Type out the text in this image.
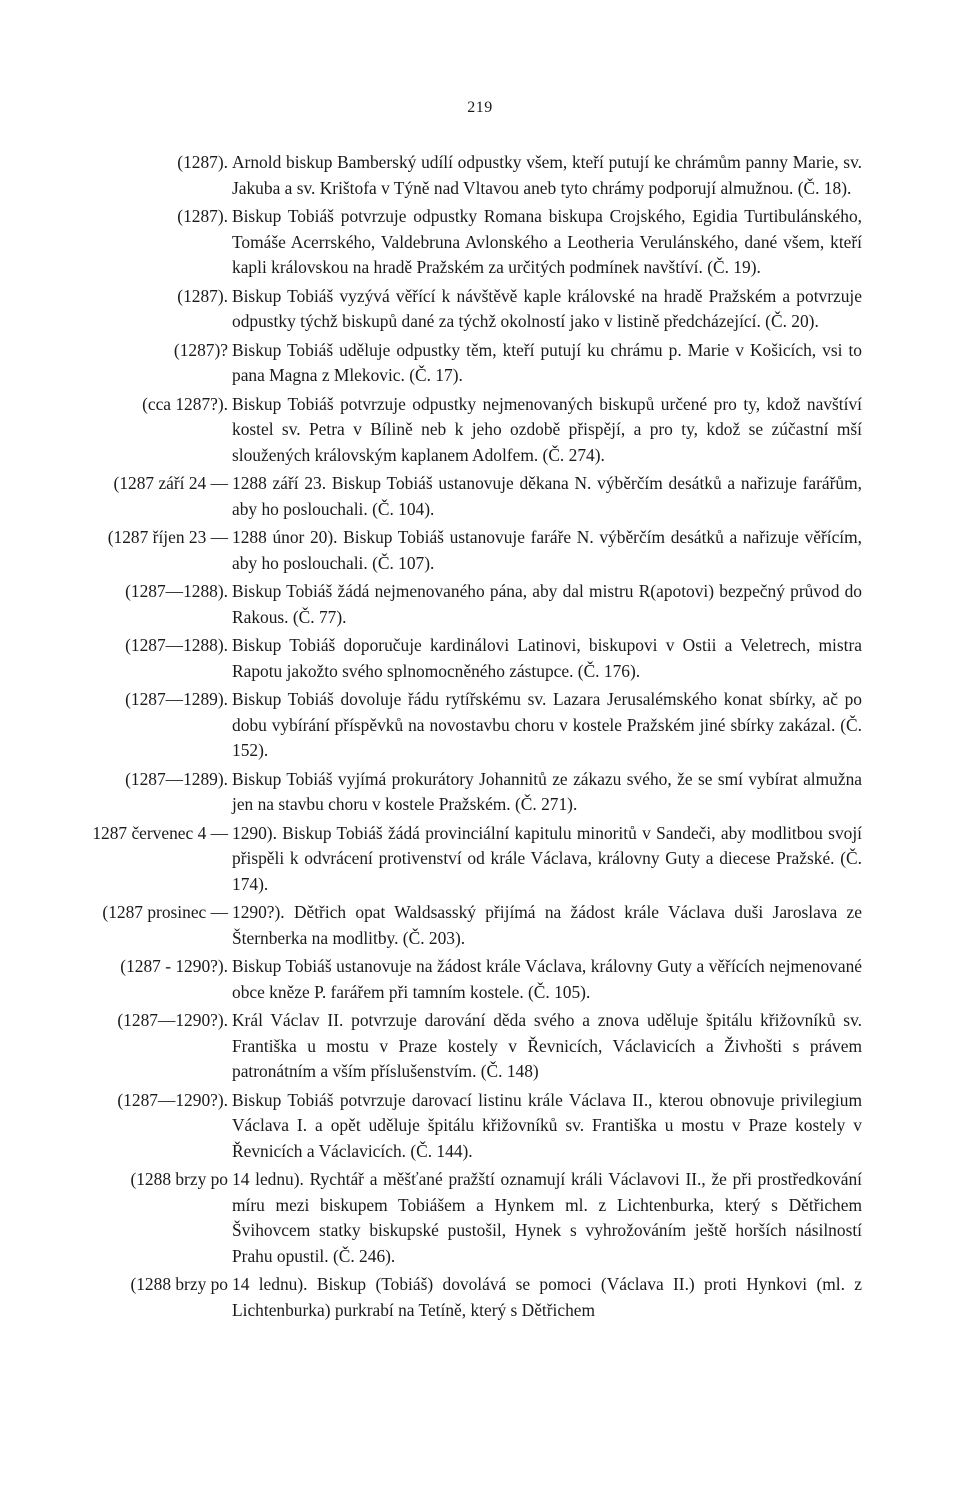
219
(1287). Arnold biskup Bamberský udílí odpustky všem, kteří putují ke chrámům panny Marie, sv. Jakuba a sv. Krištofa v Týně nad Vltavou aneb tyto chrámy podporují almužnou. (Č. 18).
(1287). Biskup Tobiáš potvrzuje odpustky Romana biskupa Crojského, Egidia Turtibulánského, Tomáše Acerrského, Valdebruna Avlonského a Leotheria Verulánského, dané všem, kteří kapli královskou na hradě Pražském za určitých podmínek navštíví. (Č. 19).
(1287). Biskup Tobiáš vyzývá věřící k návštěvě kaple královské na hradě Pražském a potvrzuje odpustky týchž biskupů dané za týchž okolností jako v listině předcházející. (Č. 20).
(1287)? Biskup Tobiáš uděluje odpustky těm, kteří putují ku chrámu p. Marie v Košicích, vsi to pana Magna z Mlekovic. (Č. 17).
(cca 1287?). Biskup Tobiáš potvrzuje odpustky nejmenovaných biskupů určené pro ty, kdož navštíví kostel sv. Petra v Bílině neb k jeho ozdobě přispějí, a pro ty, kdož se zúčastní mší sloužených královským kaplanem Adolfem. (Č. 274).
(1287 září 24 — 1288 září 23. Biskup Tobiáš ustanovuje děkana N. výběrčím desátků a nařizuje farářům, aby ho poslouchali. (Č. 104).
(1287 říjen 23 — 1288 únor 20). Biskup Tobiáš ustanovuje faráře N. výběrčím desátků a nařizuje věřícím, aby ho poslouchali. (Č. 107).
(1287—1288). Biskup Tobiáš žádá nejmenovaného pána, aby dal mistru R(apotovi) bezpečný průvod do Rakous. (Č. 77).
(1287—1288). Biskup Tobiáš doporučuje kardinálovi Latinovi, biskupovi v Ostii a Veletrech, mistra Rapotu jakožto svého splnomocněného zástupce. (Č. 176).
(1287—1289). Biskup Tobiáš dovoluje řádu rytířskému sv. Lazara Jerusalémského konat sbírky, ač po dobu vybírání příspěvků na novostavbu choru v kostele Pražském jiné sbírky zakázal. (Č. 152).
(1287—1289). Biskup Tobiáš vyjímá prokurátory Johannitů ze zákazu svého, že se smí vybírat almužna jen na stavbu choru v kostele Pražském. (Č. 271).
1287 červenec 4 — 1290). Biskup Tobiáš žádá provinciální kapitulu minoritů v Sandeči, aby modlitbou svojí přispěli k odvrácení protivenství od krále Václava, královny Guty a diecese Pražské. (Č. 174).
(1287 prosinec — 1290?). Dětřich opat Waldsasský přijímá na žádost krále Václava duši Jaroslava ze Šternberka na modlitby. (Č. 203).
(1287 - 1290?). Biskup Tobiáš ustanovuje na žádost krále Václava, královny Guty a věřících nejmenované obce kněze P. farářem při tamním kostele. (Č. 105).
(1287—1290?). Král Václav II. potvrzuje darování děda svého a znova uděluje špitálu křižovníků sv. Františka u mostu v Praze kostely v Řevnicích, Václavicích a Živhošti s právem patronátním a vším příslušenstvím. (Č. 148)
(1287—1290?). Biskup Tobiáš potvrzuje darovací listinu krále Václava II., kterou obnovuje privilegium Václava I. a opět uděluje špitálu křižovníků sv. Františka u mostu v Praze kostely v Řevnicích a Václavicích. (Č. 144).
(1288 brzy po 14 lednu). Rychtář a měšťané pražští oznamují králi Václavovi II., že při prostředkování míru mezi biskupem Tobiášem a Hynkem ml. z Lichtenburka, který s Dětřichem Švihovcem statky biskupské pustošil, Hynek s vyhrožováním ještě horších násilností Prahu opustil. (Č. 246).
(1288 brzy po 14 lednu). Biskup (Tobiáš) dovolává se pomoci (Václava II.) proti Hynkovi (ml. z Lichtenburka) purkrabí na Tetíně, který s Dětřichem
